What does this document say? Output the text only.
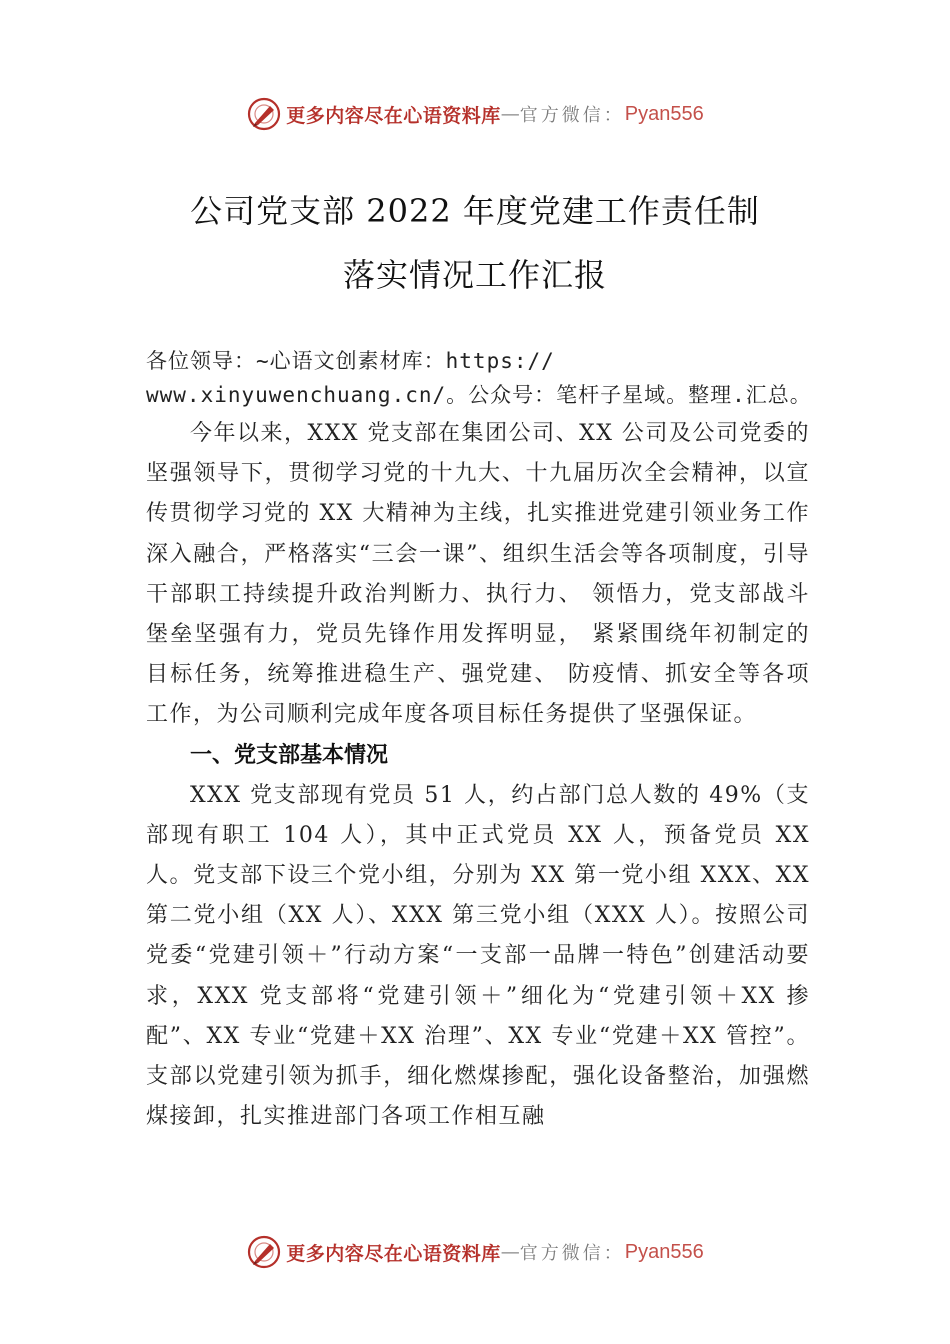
更多内容尽在心语资料库 — 官方微信： Pyan556
公司党支部 2022 年度党建工作责任制
落实情况工作汇报
各位领导：~心语文创素材库：https://
www.xinyuwenchuang.cn/。公众号：笔杆子星域。整理.汇总。

今年以来，XXX 党支部在集团公司、XX 公司及公司党委的坚强领导下，贯彻学习党的十九大、十九届历次全会精神，以宣传贯彻学习党的 XX 大精神为主线，扎实推进党建引领业务工作深入融合，严格落实“三会一课”、组织生活会等各项制度，引导干部职工持续提升政治判断力、执行力、 领悟力，党支部战斗堡垒坚强有力，党员先锋作用发挥明显， 紧紧围绕年初制定的目标任务，统筹推进稳生产、强党建、 防疫情、抓安全等各项工作，为公司顺利完成年度各项目标任务提供了坚强保证。

一、党支部基本情况

XXX 党支部现有党员 51 人，约占部门总人数的 49%（支部现有职工 104 人），其中正式党员 XX 人，预备党员 XX 人。党支部下设三个党小组，分别为 XX 第一党小组 XXX、XX 第二党小组（XX 人）、XXX 第三党小组（XXX 人）。按照公司党委“党建引领＋”行动方案“一支部一品牌一特色”创建活动要求，XXX 党支部将“党建引领＋”细化为“党建引领＋XX 掺配”、XX 专业“党建＋XX 治理”、XX 专业“党建＋XX 管控”。支部以党建引领为抓手，细化燃煤掺配，强化设备整治，加强燃煤接卸，扎实推进部门各项工作相互融

更多内容尽在心语资料库 — 官方微信： Pyan556
